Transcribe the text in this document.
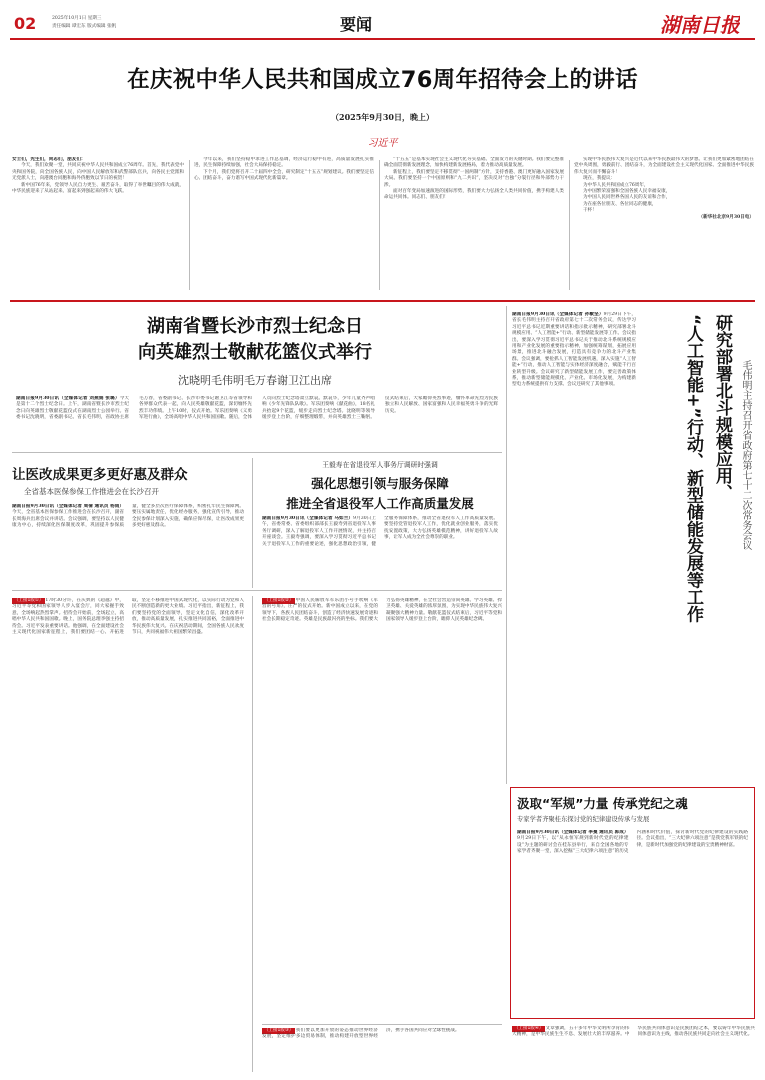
02	2025年10月1日 星期三
责任编辑 谭宏东 版式编辑 张帆	要闻	湖南日报
在庆祝中华人民共和国成立76周年招待会上的讲话
（2025年9月30日，晚上）
习近平
女士们，先生们，同志们，朋友们：

今天，我们欢聚一堂，共同庆祝中华人民共和国成立76周年。首先，我代表党中央和国务院，向全国各族人民，向中国人民解放军和武警部队官兵，向各民主党派和无党派人士，向港澳台同胞和海外侨胞致以节日的祝贺！

新中国76年来，党领导人民自力更生、艰苦奋斗，取得了举世瞩目的伟大成就，中华民族迎来了从站起来、富起来到强起来的伟大飞跃。

今年以来，我们坚持稳中求进工作总基调，经济运行稳中有进，高质量发展扎实推进，民生保障持续加强，社会大局保持稳定。

下个月，我们党将召开二十届四中全会，研究制定“十五五”规划建议。我们要坚定信心、团结奋斗，奋力谱写中国式现代化新篇章。

“十五五”是基本实现社会主义现代化夯实基础、全面发力的关键时期。我们要完整准确全面贯彻新发展理念，加快构建新发展格局，着力推动高质量发展。

新征程上，我们要坚定不移贯彻“一国两制”方针，支持香港、澳门更好融入国家发展大局。我们要坚持一个中国原则和“九二共识”，坚决反对“台独”分裂行径和外部势力干涉。

面对百年变局加速演进的国际形势，我们要大力弘扬全人类共同价值，携手构建人类命运共同体。同志们、朋友们！

实现中华民族伟大复兴是近代以来中华民族最伟大的梦想。让我们更加紧密地团结在党中央周围，勇毅前行、团结奋斗，为全面建设社会主义现代化国家、全面推进中华民族伟大复兴而不懈奋斗！

现在，我提议：
为中华人民共和国成立76周年，
为中国繁荣富强和全国各族人民幸福安康，
为中国人民同世界各国人民的友谊和合作，
为在座各位朋友、各位同志的健康，
干杯！
（新华社北京9月30日电）
湖南省暨长沙市烈士纪念日
向英雄烈士敬献花篮仪式举行
沈晓明毛伟明毛万春谢卫江出席
湖南日报9月30日讯（全媒体记者 刘燕娟 张璐）今天是第十二个烈士纪念日。上午，湖南省暨长沙市烈士纪念日向英雄烈士敬献花篮仪式在湖南烈士公园举行。省委书记沈晓明，省委副书记、省长毛伟明，省政协主席毛万春，省委副书记、长沙市委书记谢卫江等省领导和各界群众代表一起，向人民英雄敬献花篮，深切缅怀先烈丰功伟绩。上午10时，仪式开始。军乐团奏响《义勇军进行曲》，全场高唱中华人民共和国国歌。随后，全体人员向烈士纪念塔肃立默哀。默哀毕，少年儿童齐声唱响《少年先锋队队歌》。军乐团奏响《献花曲》，18名礼兵抬起9个花篮，缓步走向烈士纪念塔。沈晓明等领导缓步登上台阶，仔细整理缎带，并向英雄烈士三鞠躬。仪式结束后，大家瞻仰英烈事迹，缅怀革命先烈为民族独立和人民解放、国家富强和人民幸福英勇斗争的光辉历史。
让医改成果更多更好惠及群众
全省基本医保参保工作推进会在长沙召开
湖南日报9月30日讯（全媒体记者 周倩 通讯员 杨雨）今天，全省基本医保参保工作推进会在长沙召开，副省长周海兵出席会议并讲话。会议强调，要坚持以人民健康为中心，持续深化医保制度改革，巩固提升参保质量，健全多层次医疗保障体系，织密扎牢民生保障网。要压实属地责任，优化经办服务，强化宣传引导，推动全民参保计划深入实施，确保应保尽保，让医改成果更多更好惠及群众。
王毅寿在省退役军人事务厅调研时强调
强化思想引领与服务保障
推进全省退役军人工作高质量发展
湖南日报9月30日讯（全媒体记者 马如兰）9月30日上午，省委常委、省委组织部部长王毅寿到省退役军人事务厅调研，深入了解退役军人工作开展情况，并主持召开座谈会。王毅寿强调，要深入学习贯彻习近平总书记关于退役军人工作的重要论述，强化思想政治引领，健全服务保障体系，推动全省退役军人工作高质量发展。要坚持党管退役军人工作，优化就业创业服务，落实优抚安置政策，大力弘扬英雄模范精神，讲好退役军人故事，让军人成为全社会尊崇的职业。
湖南日报9月30日讯（全媒体记者 孙敏坚）9月29日下午，省长毛伟明主持召开省政府第七十二次常务会议，传达学习习近平总书记近期重要讲话和指示批示精神，研究部署北斗规模应用、“人工智能+”行动、新型储能发展等工作。会议指出，要深入学习贯彻习近平总书记关于推动北斗系统规模应用和产业化发展的重要指示精神，加强统筹谋划，拓展应用场景，推进北斗融合发展，打造具有竞争力的北斗产业集群。会议强调，要抢抓人工智能发展机遇，深入实施“人工智能+”行动，推动人工智能与实体经济深度融合，赋能千行百业转型升级。会议研究了新型储能发展工作，要完善政策体系，推动新型储能规模化、产业化、市场化发展，为构建新型电力系统提供有力支撑。会议还研究了其他事项。	研究部署北斗规模应用、
“人工智能+”行动、新型储能发展等工作	毛伟明主持召开省政府第七十二次常务会议
（上接1版①） 17时30分许，在庆典的《超越》中，习近平等党和国家领导人步入宴会厅，同大家握手致意，全场响起热烈掌声。招待会开始前，全场起立，高唱中华人民共和国国歌。晚上，国务院总理李强主持招待会。习近平发表重要讲话。他强调，在全面建设社会主义现代化国家新征程上，我们要团结一心、开拓进取，坚定不移推进中国式现代化，以实际行动为党和人民不断创造新的更大业绩。习近平指出，新征程上，我们要坚持党的全面领导，坚定文化自信，深化改革开放，推动高质量发展，扎实推进共同富裕，全面推进中华民族伟大复兴。在庆祝活动期间，全国各族人民欢度节日，共同祝福伟大祖国繁荣昌盛。
（上接1版②） 中国人民解放军军乐团小号手吹响《军营的号角》，庄严的仪式开始。新中国成立以来，在党的领导下，各族人民团结奋斗，创造了经济快速发展奇迹和社会长期稳定奇迹。英雄是民族最闪亮的坐标。我们要大力弘扬英雄精神，在全社会营造崇尚英雄、学习英雄、捍卫英雄、关爱英雄的浓厚氛围，为实现中华民族伟大复兴凝聚强大精神力量。敬献花篮仪式结束后，习近平等党和国家领导人缓步登上台阶，瞻仰人民英雄纪念碑。
（上接1版③） 我们要以更加开放的姿态推动世界经济发展，坚定维护多边贸易体制，推动构建开放型世界经济，携手各国共同应对全球性挑战。
汲取“军规”力量 传承党纪之魂
专家学者齐聚桂东探讨党的纪律建设传承与发展
湖南日报9月30日讯（全媒体记者 李曼 通讯员 郭成）9月29日下午，以“从永恒军规到新时代党的纪律建设”为主题的研讨会在桂东县举行，来自全国各地的专家学者齐聚一堂，深入挖掘“三大纪律六项注意”的历史内涵和时代价值，探讨新时代党的纪律建设的实践路径。会议指出，“三大纪律六项注意”是我党我军铁的纪律，是新时代加强党的纪律建设的宝贵精神财富。
（上接1版④） 文章强调，五千多年中华文明所孕育的伟大精神，是中华民族生生不息、发展壮大的丰厚滋养。中华民族共同体意识是民族团结之本，要以铸牢中华民族共同体意识为主线，推动各民族共同走向社会主义现代化。
